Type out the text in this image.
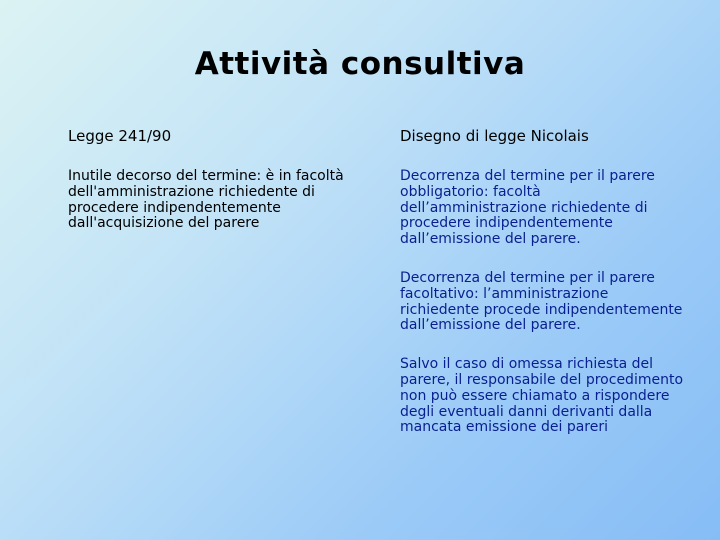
Attività consultiva

Legge 241/90

Inutile decorso del termine: è in facoltà dell'amministrazione richiedente di procedere indipendentemente dall'acquisizione del parere

Disegno di legge Nicolais

Decorrenza del termine per il parere obbligatorio: facoltà dell’amministrazione richiedente di procedere indipendentemente dall’emissione del parere.

Decorrenza del termine per il parere facoltativo: l’amministrazione richiedente procede indipendentemente dall’emissione del parere.

Salvo il caso di omessa richiesta del parere, il responsabile del procedimento non può essere chiamato a rispondere degli eventuali danni derivanti dalla mancata emissione dei pareri
